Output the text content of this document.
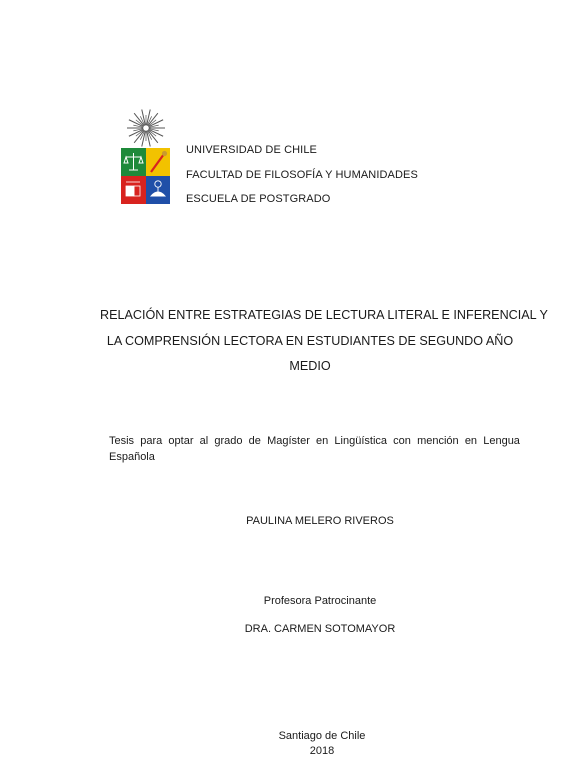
UNIVERSIDAD DE CHILE
FACULTAD DE FILOSOFÍA Y HUMANIDADES
ESCUELA DE POSTGRADO
RELACIÓN ENTRE ESTRATEGIAS DE LECTURA LITERAL E INFERENCIAL Y
LA COMPRENSIÓN LECTORA EN ESTUDIANTES DE SEGUNDO AÑO
MEDIO
Tesis para optar al grado de Magíster en Lingüística con mención en Lengua
Española
PAULINA MELERO RIVEROS
Profesora Patrocinante
DRA. CARMEN SOTOMAYOR
Santiago de Chile
2018
